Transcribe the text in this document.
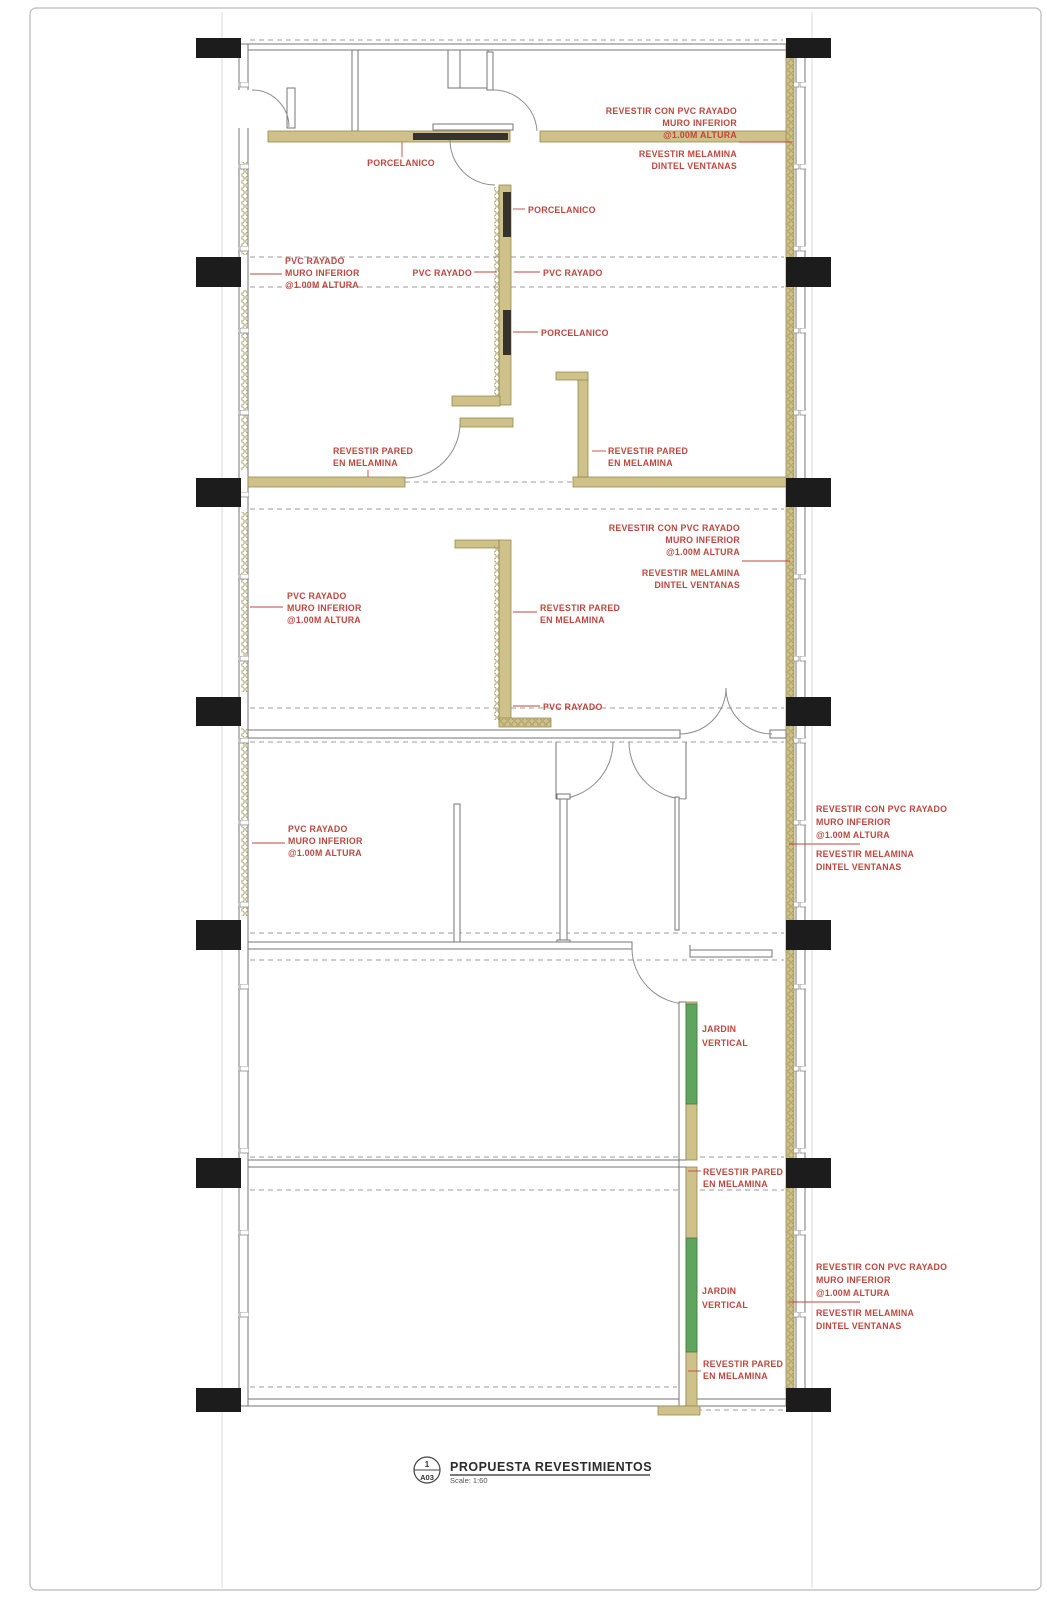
REVESTIR CON PVC RAYADO
MURO INFERIOR
@1.00M ALTURA
REVESTIR MELAMINA
DINTEL VENTANAS
REVESTIR CON PVC RAYADO
MURO INFERIOR
@1.00M ALTURA
REVESTIR MELAMINA
DINTEL VENTANAS
REVESTIR CON PVC RAYADO
MURO INFERIOR
@1.00M ALTURA
REVESTIR MELAMINA
DINTEL VENTANAS
REVESTIR CON PVC RAYADO
MURO INFERIOR
@1.00M ALTURA
REVESTIR MELAMINA
DINTEL VENTANAS
PVC RAYADO
MURO INFERIOR
@1.00M ALTURA
PVC RAYADO
MURO INFERIOR
@1.00M ALTURA
PVC RAYADO
MURO INFERIOR
@1.00M ALTURA
PVC RAYADO	PVC RAYADO
PVC RAYADO
PORCELANICO
PORCELANICO
PORCELANICO
REVESTIR PARED
EN MELAMINA
REVESTIR PARED
EN MELAMINA
REVESTIR PARED
EN MELAMINA
REVESTIR PARED
EN MELAMINA
REVESTIR PARED
EN MELAMINA
JARDIN
VERTICAL
JARDIN
VERTICAL
1
A03
PROPUESTA REVESTIMIENTOS
Scale: 1:60
